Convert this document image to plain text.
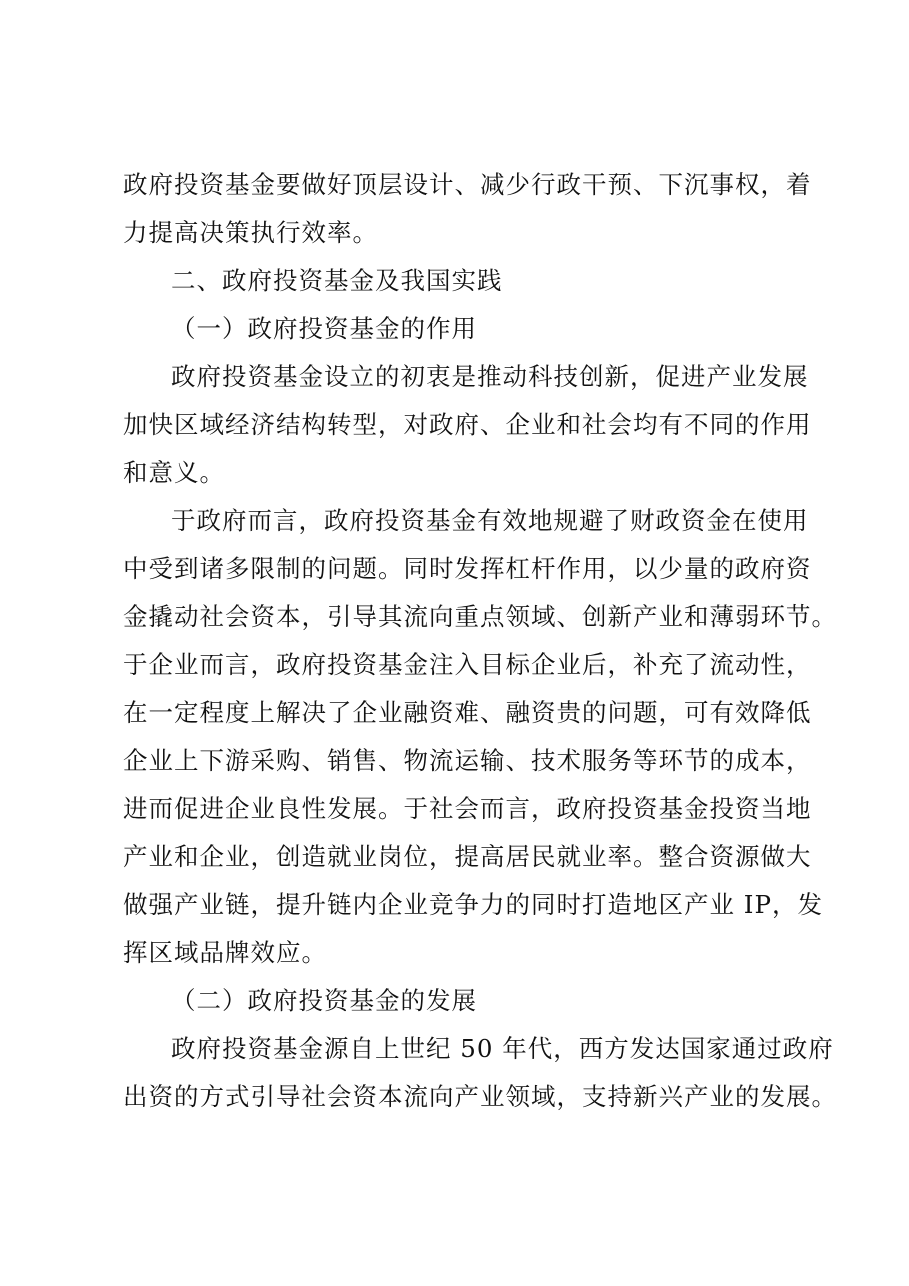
政府投资基金要做好顶层设计、减少行政干预、下沉事权，着
力提高决策执行效率。
二、政府投资基金及我国实践
（一）政府投资基金的作用
政府投资基金设立的初衷是推动科技创新，促进产业发展
加快区域经济结构转型，对政府、企业和社会均有不同的作用
和意义。
于政府而言，政府投资基金有效地规避了财政资金在使用
中受到诸多限制的问题。同时发挥杠杆作用，以少量的政府资
金撬动社会资本，引导其流向重点领域、创新产业和薄弱环节。
于企业而言，政府投资基金注入目标企业后，补充了流动性，
在一定程度上解决了企业融资难、融资贵的问题，可有效降低
企业上下游采购、销售、物流运输、技术服务等环节的成本，
进而促进企业良性发展。于社会而言，政府投资基金投资当地
产业和企业，创造就业岗位，提高居民就业率。整合资源做大
做强产业链，提升链内企业竞争力的同时打造地区产业 IP，发
挥区域品牌效应。
（二）政府投资基金的发展
政府投资基金源自上世纪 50 年代，西方发达国家通过政府
出资的方式引导社会资本流向产业领域，支持新兴产业的发展。
